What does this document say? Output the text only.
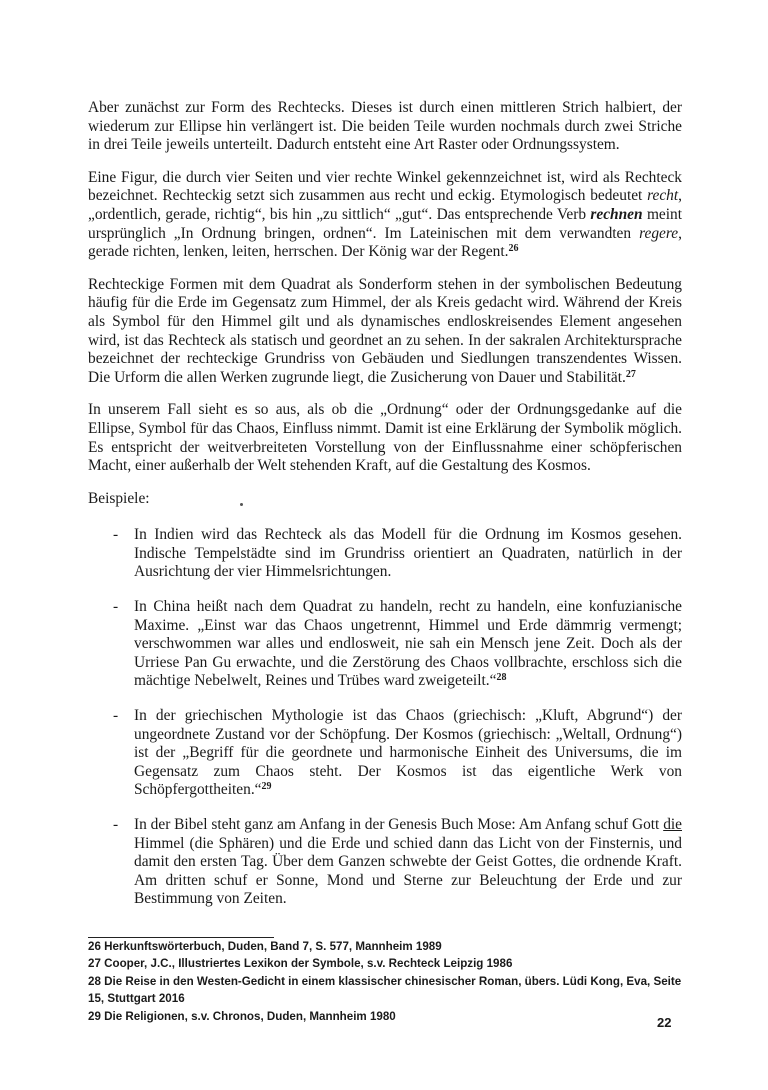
Aber zunächst zur Form des Rechtecks. Dieses ist durch einen mittleren Strich halbiert, der wiederum zur Ellipse hin verlängert ist. Die beiden Teile wurden nochmals durch zwei Striche in drei Teile jeweils unterteilt. Dadurch entsteht eine Art Raster oder Ordnungssystem.

Eine Figur, die durch vier Seiten und vier rechte Winkel gekennzeichnet ist, wird als Rechteck bezeichnet. Rechteckig setzt sich zusammen aus recht und eckig. Etymologisch bedeutet recht, „ordentlich, gerade, richtig“, bis hin „zu sittlich“ „gut“. Das entsprechende Verb rechnen meint ursprünglich „In Ordnung bringen, ordnen“. Im Lateinischen mit dem verwandten regere, gerade richten, lenken, leiten, herrschen. Der König war der Regent.$^{26}$

Rechteckige Formen mit dem Quadrat als Sonderform stehen in der symbolischen Bedeutung häufig für die Erde im Gegensatz zum Himmel, der als Kreis gedacht wird. Während der Kreis als Symbol für den Himmel gilt und als dynamisches endloskreisendes Element angesehen wird, ist das Rechteck als statisch und geordnet an zu sehen. In der sakralen Architektursprache bezeichnet der rechteckige Grundriss von Gebäuden und Siedlungen transzendentes Wissen. Die Urform die allen Werken zugrunde liegt, die Zusicherung von Dauer und Stabilität.$^{27}$

In unserem Fall sieht es so aus, als ob die „Ordnung“ oder der Ordnungsgedanke auf die Ellipse, Symbol für das Chaos, Einfluss nimmt. Damit ist eine Erklärung der Symbolik möglich. Es entspricht der weitverbreiteten Vorstellung von der Einflussnahme einer schöpferischen Macht, einer außerhalb der Welt stehenden Kraft, auf die Gestaltung des Kosmos.

Beispiele:

- In Indien wird das Rechteck als das Modell für die Ordnung im Kosmos gesehen. Indische Tempelstädte sind im Grundriss orientiert an Quadraten, natürlich in der Ausrichtung der vier Himmelsrichtungen.
- In China heißt nach dem Quadrat zu handeln, recht zu handeln, eine konfuzianische Maxime. „Einst war das Chaos ungetrennt, Himmel und Erde dämmrig vermengt; verschwommen war alles und endlosweit, nie sah ein Mensch jene Zeit. Doch als der Urriese Pan Gu erwachte, und die Zerstörung des Chaos vollbrachte, erschloss sich die mächtige Nebelwelt, Reines und Trübes ward zweigeteilt.“$^{28}$
- In der griechischen Mythologie ist das Chaos (griechisch: „Kluft, Abgrund“) der ungeordnete Zustand vor der Schöpfung. Der Kosmos (griechisch: „Weltall, Ordnung“) ist der „Begriff für die geordnete und harmonische Einheit des Universums, die im Gegensatz zum Chaos steht. Der Kosmos ist das eigentliche Werk von Schöpfergottheiten.“$^{29}$
- In der Bibel steht ganz am Anfang in der Genesis Buch Mose: Am Anfang schuf Gott die Himmel (die Sphären) und die Erde und schied dann das Licht von der Finsternis, und damit den ersten Tag. Über dem Ganzen schwebte der Geist Gottes, die ordnende Kraft. Am dritten schuf er Sonne, Mond und Sterne zur Beleuchtung der Erde und zur Bestimmung von Zeiten.
26 Herkunftswörterbuch, Duden, Band 7, S. 577, Mannheim 1989
27 Cooper, J.C., Illustriertes Lexikon der Symbole, s.v. Rechteck Leipzig 1986
28 Die Reise in den Westen-Gedicht in einem klassischer chinesischer Roman, übers. Lüdi Kong, Eva, Seite 15, Stuttgart 2016
29 Die Religionen, s.v. Chronos, Duden, Mannheim 1980	22
